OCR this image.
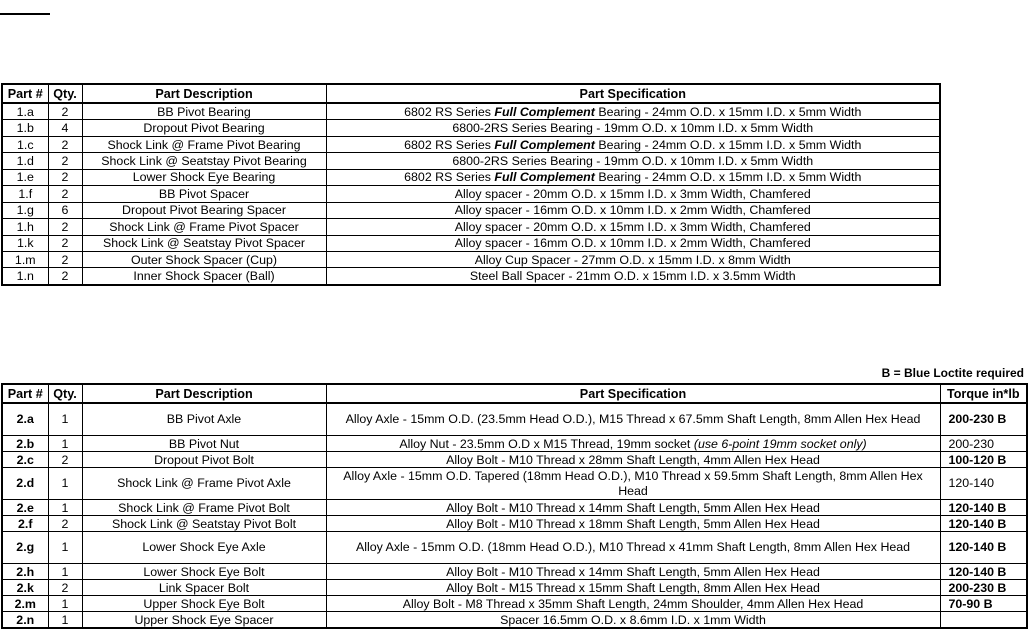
Part #	Qty.	Part Description	Part Specification
1.a	2	BB Pivot Bearing	6802 RS Series Full Complement Bearing - 24mm O.D. x 15mm I.D. x 5mm Width
1.b	4	Dropout Pivot Bearing	6800-2RS Series Bearing - 19mm O.D. x 10mm I.D. x 5mm Width
1.c	2	Shock Link @ Frame Pivot Bearing	6802 RS Series Full Complement Bearing - 24mm O.D. x 15mm I.D. x 5mm Width
1.d	2	Shock Link @ Seatstay Pivot Bearing	6800-2RS Series Bearing - 19mm O.D. x 10mm I.D. x 5mm Width
1.e	2	Lower Shock Eye Bearing	6802 RS Series Full Complement Bearing - 24mm O.D. x 15mm I.D. x 5mm Width
1.f	2	BB Pivot Spacer	Alloy spacer - 20mm O.D. x 15mm I.D. x 3mm Width, Chamfered
1.g	6	Dropout Pivot Bearing Spacer	Alloy spacer - 16mm O.D. x 10mm I.D. x 2mm Width, Chamfered
1.h	2	Shock Link @ Frame Pivot Spacer	Alloy spacer - 20mm O.D. x 15mm I.D. x 3mm Width, Chamfered
1.k	2	Shock Link @ Seatstay Pivot Spacer	Alloy spacer - 16mm O.D. x 10mm I.D. x 2mm Width, Chamfered
1.m	2	Outer Shock Spacer (Cup)	Alloy Cup Spacer - 27mm O.D. x 15mm I.D. x 8mm Width
1.n	2	Inner Shock Spacer (Ball)	Steel Ball Spacer - 21mm O.D. x 15mm I.D. x 3.5mm Width
B = Blue Loctite required
Part #	Qty.	Part Description	Part Specification	Torque in*lb
2.a	1	BB Pivot Axle	Alloy Axle - 15mm O.D. (23.5mm Head O.D.), M15 Thread x 67.5mm Shaft Length, 8mm Allen Hex Head	200-230 B
2.b	1	BB Pivot Nut	Alloy Nut - 23.5mm O.D x M15 Thread, 19mm socket (use 6-point 19mm socket only)	200-230
2.c	2	Dropout Pivot Bolt	Alloy Bolt - M10 Thread x 28mm Shaft Length, 4mm Allen Hex Head	100-120 B
2.d	1	Shock Link @ Frame Pivot Axle	Alloy Axle - 15mm O.D. Tapered (18mm Head O.D.), M10 Thread x 59.5mm Shaft Length, 8mm Allen Hex Head	120-140
2.e	1	Shock Link @ Frame Pivot Bolt	Alloy Bolt - M10 Thread x 14mm Shaft Length, 5mm Allen Hex Head	120-140 B
2.f	2	Shock Link @ Seatstay Pivot Bolt	Alloy Bolt - M10 Thread x 18mm Shaft Length, 5mm Allen Hex Head	120-140 B
2.g	1	Lower Shock Eye Axle	Alloy Axle - 15mm O.D. (18mm Head O.D.), M10 Thread x 41mm Shaft Length, 8mm Allen Hex Head	120-140 B
2.h	1	Lower Shock Eye Bolt	Alloy Bolt - M10 Thread x 14mm Shaft Length, 5mm Allen Hex Head	120-140 B
2.k	2	Link Spacer Bolt	Alloy Bolt - M15 Thread x 15mm Shaft Length, 8mm Allen Hex Head	200-230 B
2.m	1	Upper Shock Eye Bolt	Alloy Bolt - M8 Thread x 35mm Shaft Length, 24mm Shoulder, 4mm Allen Hex Head	70-90 B
2.n	1	Upper Shock Eye Spacer	Spacer 16.5mm O.D. x 8.6mm I.D. x 1mm Width	
